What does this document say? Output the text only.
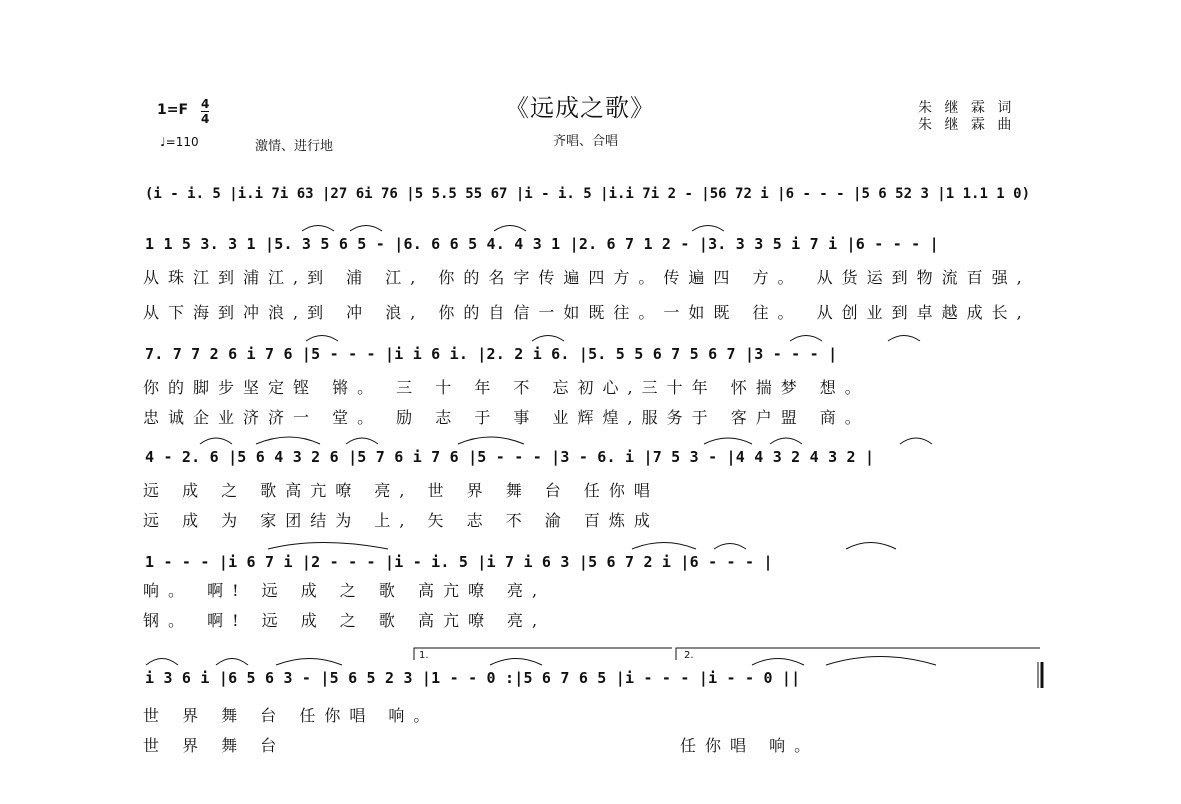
1=F 4
4	《远成之歌》
齐唱、合唱
朱 继 霖 词
朱 继 霖 曲
♩=110	激情、进行地
(i - i. 5 |i.i 7i 63 |27 6i 76 |5 5.5 55 67 |i - i. 5 |i.i 7i 2 - |56 72 i |6 - - - |5 6 52 3 |1 1.1 1 0)
1 1 5 3. 3 1 |5. 3 5 6 5 - |6. 6 6 5 4. 4 3 1 |2. 6 7 1 2 - |3. 3 3 5 i 7 i |6 - - - |
从珠江到浦江,到 浦 江, 你的名字传遍四方。传遍四 方。 从货运到物流百强,
从下海到冲浪,到 冲 浪, 你的自信一如既往。一如既 往。 从创业到卓越成长,
7. 7 7 2 6 i 7 6 |5 - - - |i i 6 i. |2. 2 i 6. |5. 5 5 6 7 5 6 7 |3 - - - |
你的脚步坚定铿 锵。 三 十 年 不 忘初心,三十年 怀揣梦 想。
忠诚企业济济一 堂。 励 志 于 事 业辉煌,服务于 客户盟 商。
4 - 2. 6 |5 6 4 3 2 6 |5 7 6 i 7 6 |5 - - - |3 - 6. i |7 5 3 - |4 4 3 2 4 3 2 |
远 成 之 歌高亢嘹 亮, 世 界 舞 台 任你唱
远 成 为 家团结为 上, 矢 志 不 渝 百炼成
1 - - - |i 6 7 i |2 - - - |i - i. 5 |i 7 i 6 3 |5 6 7 2 i |6 - - - |
响。 啊! 远 成 之 歌 高亢嘹 亮,
钢。 啊! 远 成 之 歌 高亢嘹 亮,
i 3 6 i |6 5 6 3 - |5 6 5 2 3 |1 - - 0 :|5 6 7 6 5 |i - - - |i - - 0 ||
世 界 舞 台 任你唱 响。
世 界 舞 台	任你唱 响。
1.	2.
